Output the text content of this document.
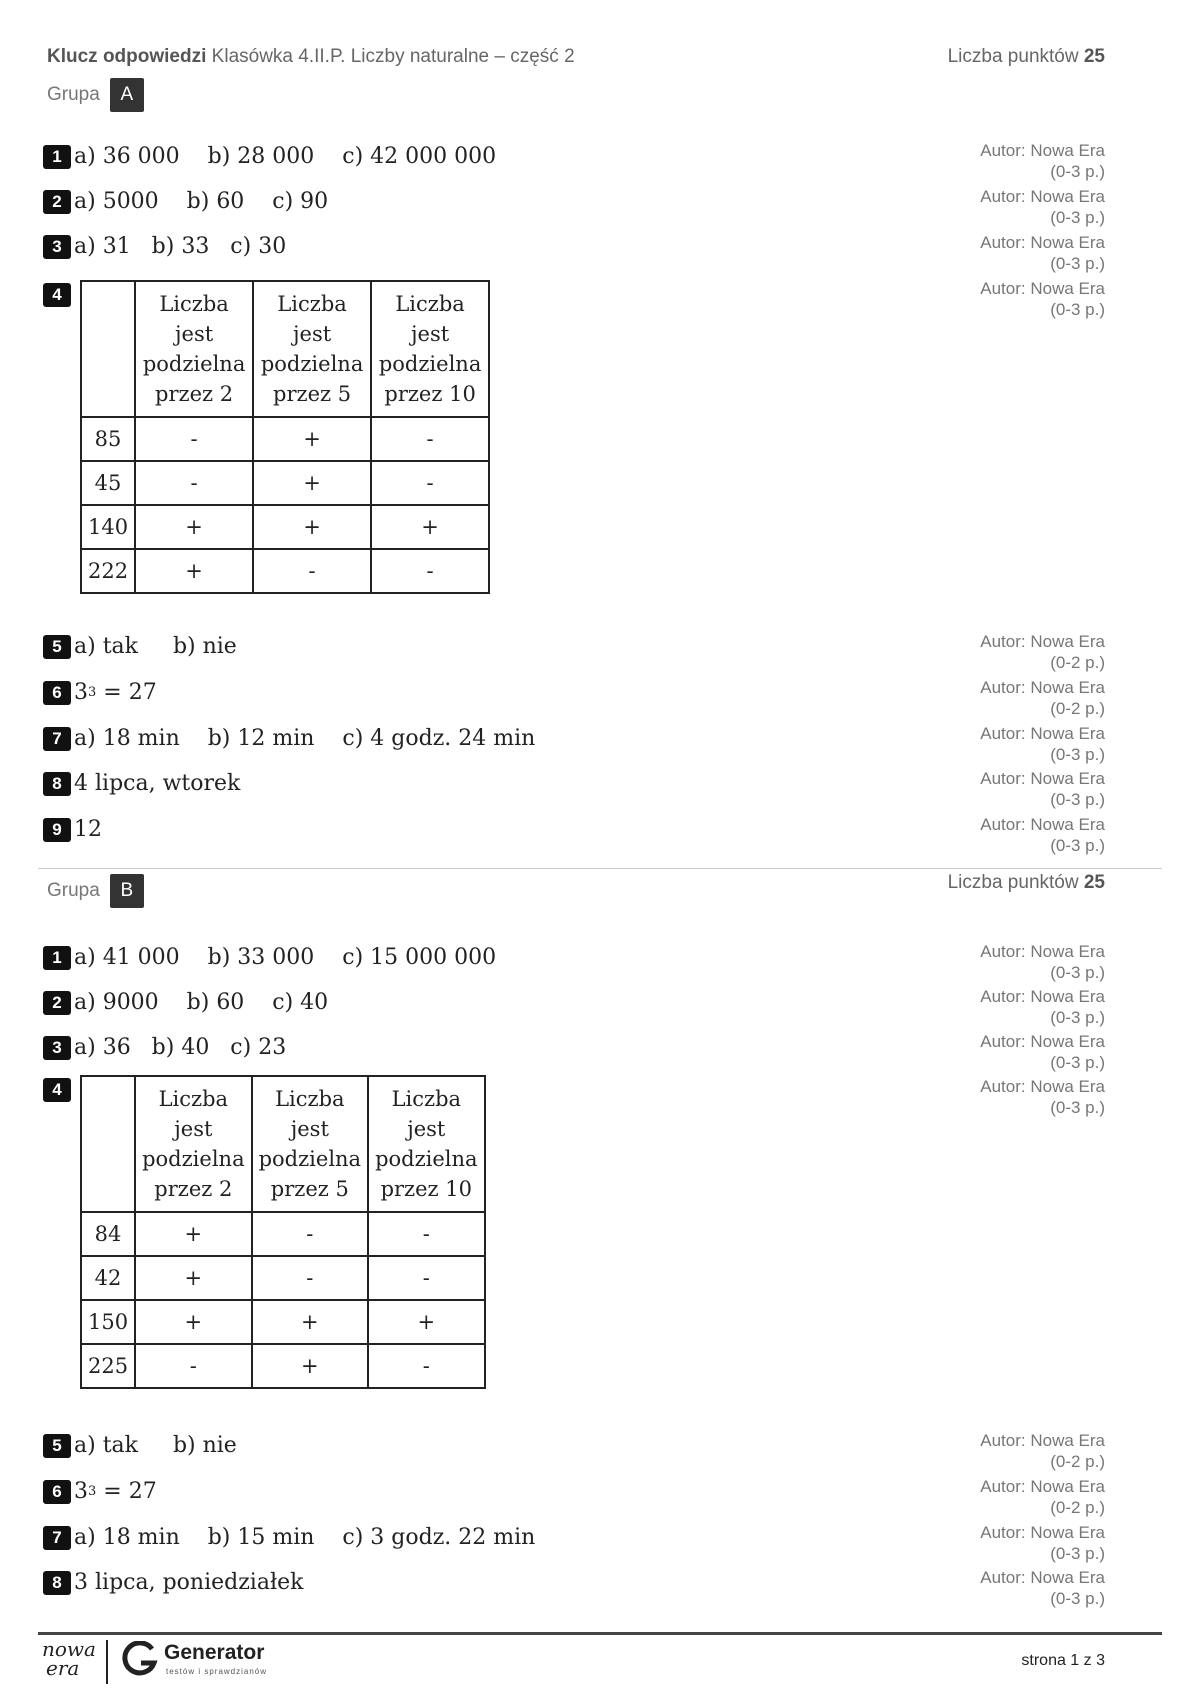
Klucz odpowiedzi Klasówka 4.II.P. Liczby naturalne – część 2	Liczba punktów 25
Grupa	A
1 a) 36 000    b) 28 000    c) 42 000 000	Autor: Nowa Era
(0-3 p.)
2 a) 5000    b) 60    c) 90	Autor: Nowa Era
(0-3 p.)
3 a) 31   b) 33   c) 30	Autor: Nowa Era
(0-3 p.)
4	Autor: Nowa Era
(0-3 p.)
	Liczba jest podzielna przez 2	Liczba jest podzielna przez 5	Liczba jest podzielna przez 10
85	-	+	-
45	-	+	-
140	+	+	+
222	+	-	-
5 a) tak     b) nie	Autor: Nowa Era
(0-2 p.)
6 3 3 = 27	Autor: Nowa Era
(0-2 p.)
7 a) 18 min    b) 12 min    c) 4 godz. 24 min	Autor: Nowa Era
(0-3 p.)
8 4 lipca, wtorek	Autor: Nowa Era
(0-3 p.)
9 12	Autor: Nowa Era
(0-3 p.)
Grupa	B	Liczba punktów 25
1 a) 41 000    b) 33 000    c) 15 000 000	Autor: Nowa Era
(0-3 p.)
2 a) 9000    b) 60    c) 40	Autor: Nowa Era
(0-3 p.)
3 a) 36   b) 40   c) 23	Autor: Nowa Era
(0-3 p.)
4	Autor: Nowa Era
(0-3 p.)
	Liczba jest podzielna przez 2	Liczba jest podzielna przez 5	Liczba jest podzielna przez 10
84	+	-	-
42	+	-	-
150	+	+	+
225	-	+	-
5 a) tak     b) nie	Autor: Nowa Era
(0-2 p.)
6 3 3 = 27	Autor: Nowa Era
(0-2 p.)
7 a) 18 min    b) 15 min    c) 3 godz. 22 min	Autor: Nowa Era
(0-3 p.)
8 3 lipca, poniedziałek	Autor: Nowa Era
(0-3 p.)
nowa
era
Generator
testów i sprawdzianów
strona 1 z 3
